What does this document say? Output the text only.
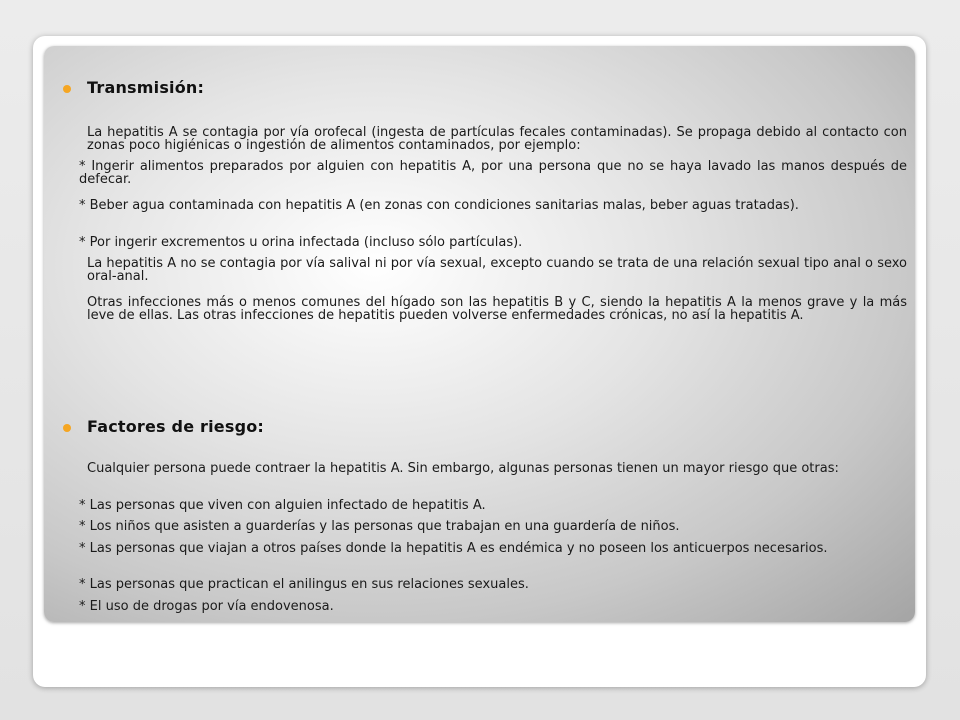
Transmisión:
La hepatitis A se contagia por vía orofecal (ingesta de partículas fecales contaminadas). Se propaga debido al contacto con zonas poco higiénicas o ingestión de alimentos contaminados, por ejemplo:
* Ingerir alimentos preparados por alguien con hepatitis A, por una persona que no se haya lavado las manos después de defecar.
* Beber agua contaminada con hepatitis A (en zonas con condiciones sanitarias malas, beber aguas tratadas).
* Por ingerir excrementos u orina infectada (incluso sólo partículas).
La hepatitis A no se contagia por vía salival ni por vía sexual, excepto cuando se trata de una relación sexual tipo anal o sexo oral-anal.
Otras infecciones más o menos comunes del hígado son las hepatitis B y C, siendo la hepatitis A la menos grave y la más leve de ellas. Las otras infecciones de hepatitis pueden volverse enfermedades crónicas, no así la hepatitis A.
Factores de riesgo:
Cualquier persona puede contraer la hepatitis A. Sin embargo, algunas personas tienen un mayor riesgo que otras:
* Las personas que viven con alguien infectado de hepatitis A.
* Los niños que asisten a guarderías y las personas que trabajan en una guardería de niños.
* Las personas que viajan a otros países donde la hepatitis A es endémica y no poseen los anticuerpos necesarios.
* Las personas que practican el anilingus en sus relaciones sexuales.
* El uso de drogas por vía endovenosa.
